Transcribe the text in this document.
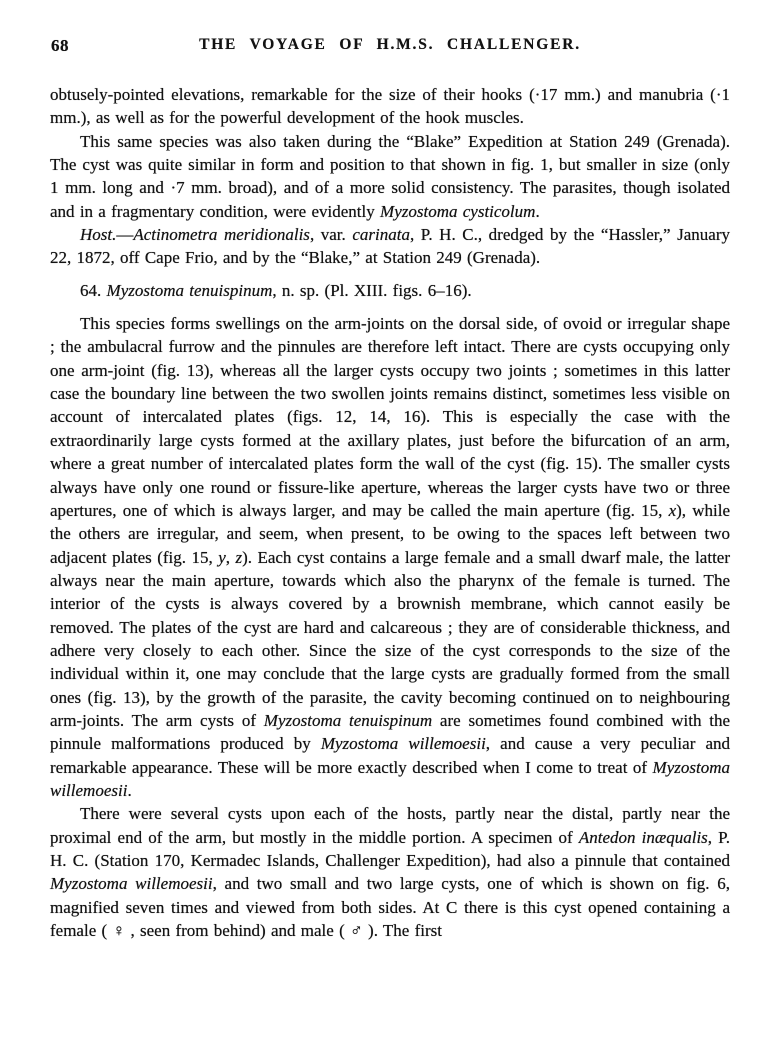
68	THE VOYAGE OF H.M.S. CHALLENGER.

obtusely-pointed elevations, remarkable for the size of their hooks (·17 mm.) and manubria (·1 mm.), as well as for the powerful development of the hook muscles.

This same species was also taken during the “Blake” Expedition at Station 249 (Grenada). The cyst was quite similar in form and position to that shown in fig. 1, but smaller in size (only 1 mm. long and ·7 mm. broad), and of a more solid consistency. The parasites, though isolated and in a fragmentary condition, were evidently Myzostoma cysticolum.

Host.—Actinometra meridionalis, var. carinata, P. H. C., dredged by the “Hassler,” January 22, 1872, off Cape Frio, and by the “Blake,” at Station 249 (Grenada).

64. Myzostoma tenuispinum, n. sp. (Pl. XIII. figs. 6–16).

This species forms swellings on the arm-joints on the dorsal side, of ovoid or irregular shape ; the ambulacral furrow and the pinnules are therefore left intact. There are cysts occupying only one arm-joint (fig. 13), whereas all the larger cysts occupy two joints ; sometimes in this latter case the boundary line between the two swollen joints remains distinct, sometimes less visible on account of intercalated plates (figs. 12, 14, 16). This is especially the case with the extraordinarily large cysts formed at the axillary plates, just before the bifurcation of an arm, where a great number of intercalated plates form the wall of the cyst (fig. 15). The smaller cysts always have only one round or fissure-like aperture, whereas the larger cysts have two or three apertures, one of which is always larger, and may be called the main aperture (fig. 15, x), while the others are irregular, and seem, when present, to be owing to the spaces left between two adjacent plates (fig. 15, y, z). Each cyst contains a large female and a small dwarf male, the latter always near the main aperture, towards which also the pharynx of the female is turned. The interior of the cysts is always covered by a brownish membrane, which cannot easily be removed. The plates of the cyst are hard and calcareous ; they are of considerable thickness, and adhere very closely to each other. Since the size of the cyst corresponds to the size of the individual within it, one may conclude that the large cysts are gradually formed from the small ones (fig. 13), by the growth of the parasite, the cavity becoming continued on to neighbouring arm-joints. The arm cysts of Myzostoma tenuispinum are sometimes found combined with the pinnule malformations produced by Myzostoma willemoesii, and cause a very peculiar and remarkable appearance. These will be more exactly described when I come to treat of Myzostoma willemoesii.

There were several cysts upon each of the hosts, partly near the distal, partly near the proximal end of the arm, but mostly in the middle portion. A specimen of Antedon inæqualis, P. H. C. (Station 170, Kermadec Islands, Challenger Expedition), had also a pinnule that contained Myzostoma willemoesii, and two small and two large cysts, one of which is shown on fig. 6, magnified seven times and viewed from both sides. At C there is this cyst opened containing a female ( ♀ , seen from behind) and male ( ♂ ). The first
